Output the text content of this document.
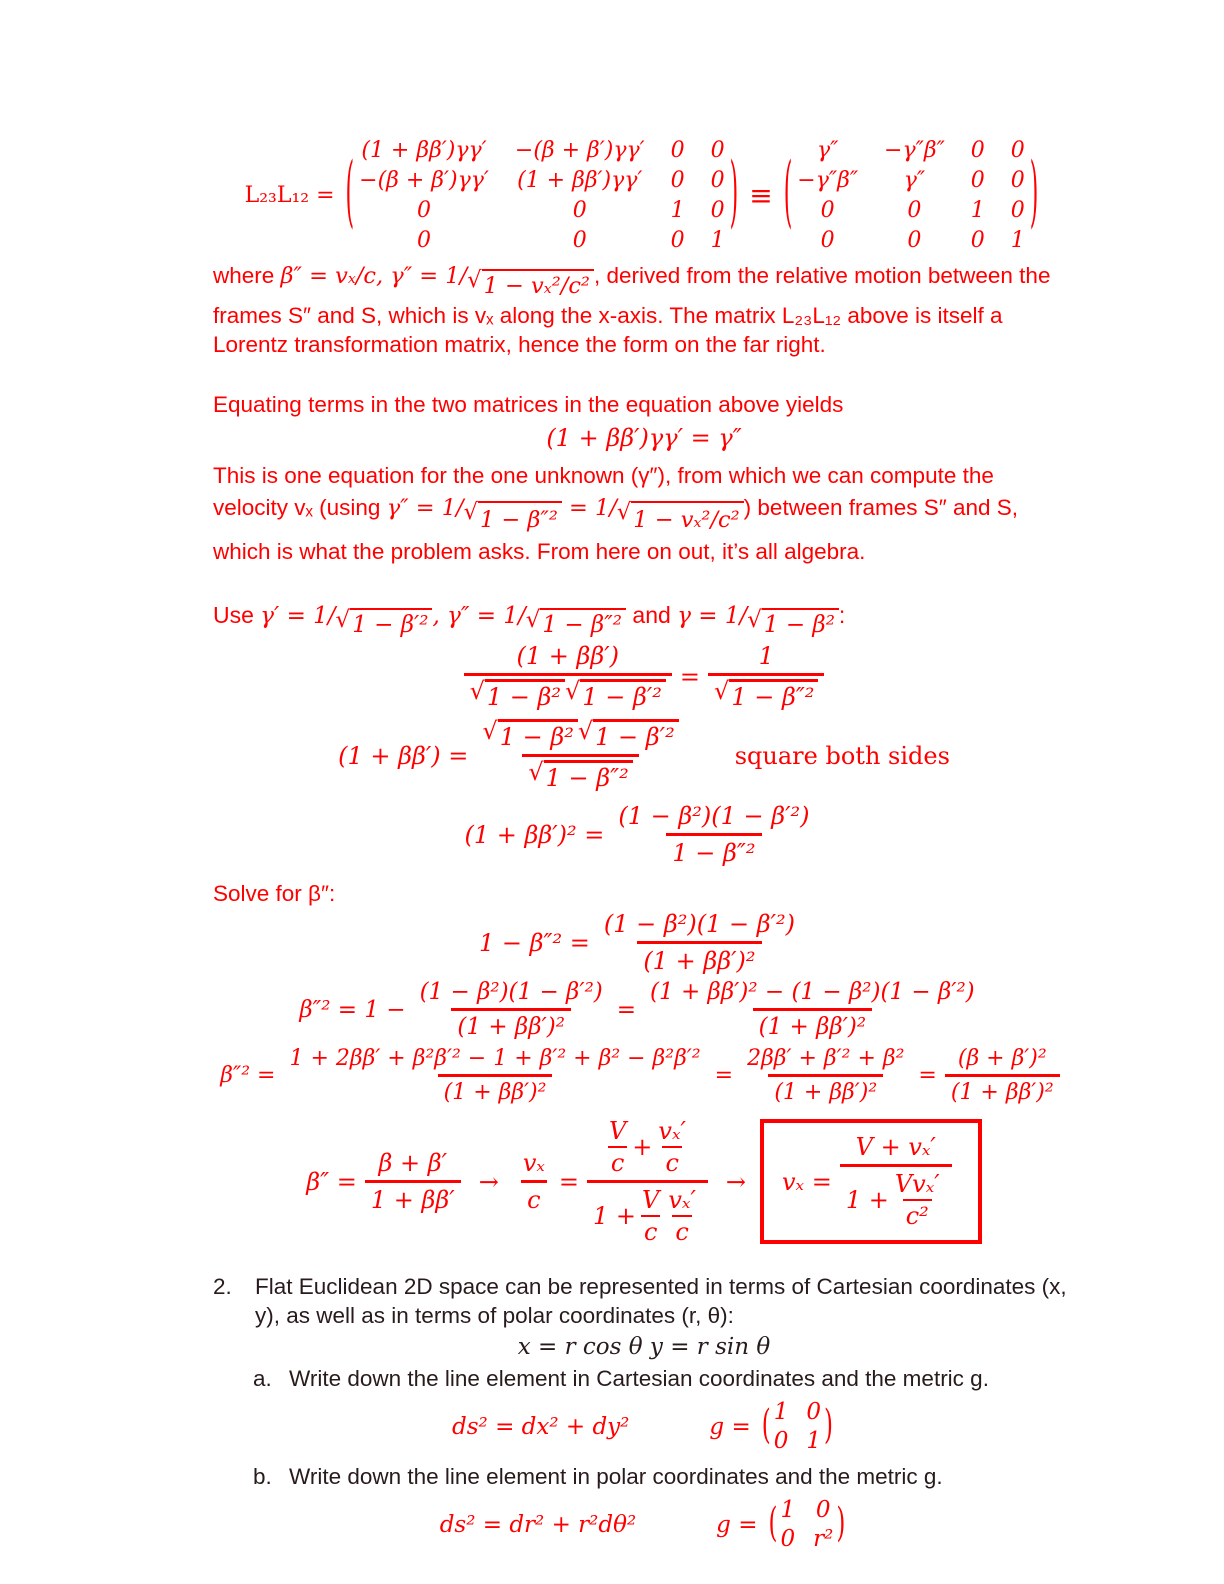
L₂₃L₁₂ = ( (1 + ββ′)γγ′ −(β + β′)γγ′ 0 0
−(β + β′)γγ′ (1 + ββ′)γγ′ 0 0
0	0	1 0
0	0	0 1
) ≡ ( γ″ −γ″β″ 0 0
−γ″β″ γ″ 0 0
0	0 1 0
0	0 0 1
)

where β″ = vₓ/c, γ″ = 1/ √ 1 − vₓ²/c² , derived from the relative motion between the frames S″ and S, which is vₓ along the x-axis. The matrix L₂₃L₁₂ above is itself a Lorentz transformation matrix, hence the form on the far right.

Equating terms in the two matrices in the equation above yields

(1 + ββ′)γγ′ = γ″

This is one equation for the one unknown (γ″), from which we can compute the velocity vₓ (using γ″ = 1/ √ 1 − β″² = 1/ √ 1 − vₓ²/c² ) between frames S″ and S, which is what the problem asks. From here on out, it’s all algebra.

Use γ′ = 1/ √ 1 − β′² , γ″ = 1/ √ 1 − β″² and γ = 1/ √ 1 − β² :

$\frac{(1 + \beta\beta')}{\text{√ 1 − β² √ 1 − β′²}} = \frac{1}{\text{√ 1 − β″²}}$
$(1 + \beta\beta') = \frac{\text{√ 1 − β² √ 1 − β′²}}{\text{√ 1 − β″²}}$ square both sides
$(1 + \beta\beta')^2 = \frac{\text{(1 − β²)(1 − β′²)}}{\text{1 − β″²}}$

Solve for β″:

$1 - \beta''^2 = \frac{\text{(1 − β²)(1 − β′²)}}{\text{(1 + ββ′)²}}$
$\beta''^2 = 1 - \frac{\text{(1 − β²)(1 − β′²)}}{\text{(1 + ββ′)²}} = \frac{\text{(1 + ββ′)² − (1 − β²)(1 − β′²)}}{\text{(1 + ββ′)²}}$
$\beta''^2 = \frac{\text{1 + 2ββ′ + β²β′² − 1 + β′² + β² − β²β′²}}{\text{(1 + ββ′)²}} = \frac{\text{2ββ′ + β′² + β²}}{\text{(1 + ββ′)²}} = \frac{\text{(β + β′)²}}{\text{(1 + ββ′)²}}$
$\beta'' = \frac{\beta + \beta'}{1 + \beta\beta'} \to \frac{\text{vₓ}}{c} = \frac{\frac{V}{c} + \frac{\text{vₓ′}}{c}}{1 + \frac{V}{c} \frac{\text{vₓ′}}{c}} \to v_x = \frac{\text{V + vₓ′}}{1 + \frac{\text{Vvₓ′}}{\text{c²}}}$
2.	Flat Euclidean 2D space can be represented in terms of Cartesian coordinates (x, y), as well as in terms of polar coordinates (r, θ):

x = r cos θ y = r sin θ
a. Write down the line element in Cartesian coordinates and the metric g.

ds² = dx² + dy²	g = ( 1 0
0 1 )
b. Write down the line element in polar coordinates and the metric g.

ds² = dr² + r²dθ²	g = ( 1 0
0 r² )
